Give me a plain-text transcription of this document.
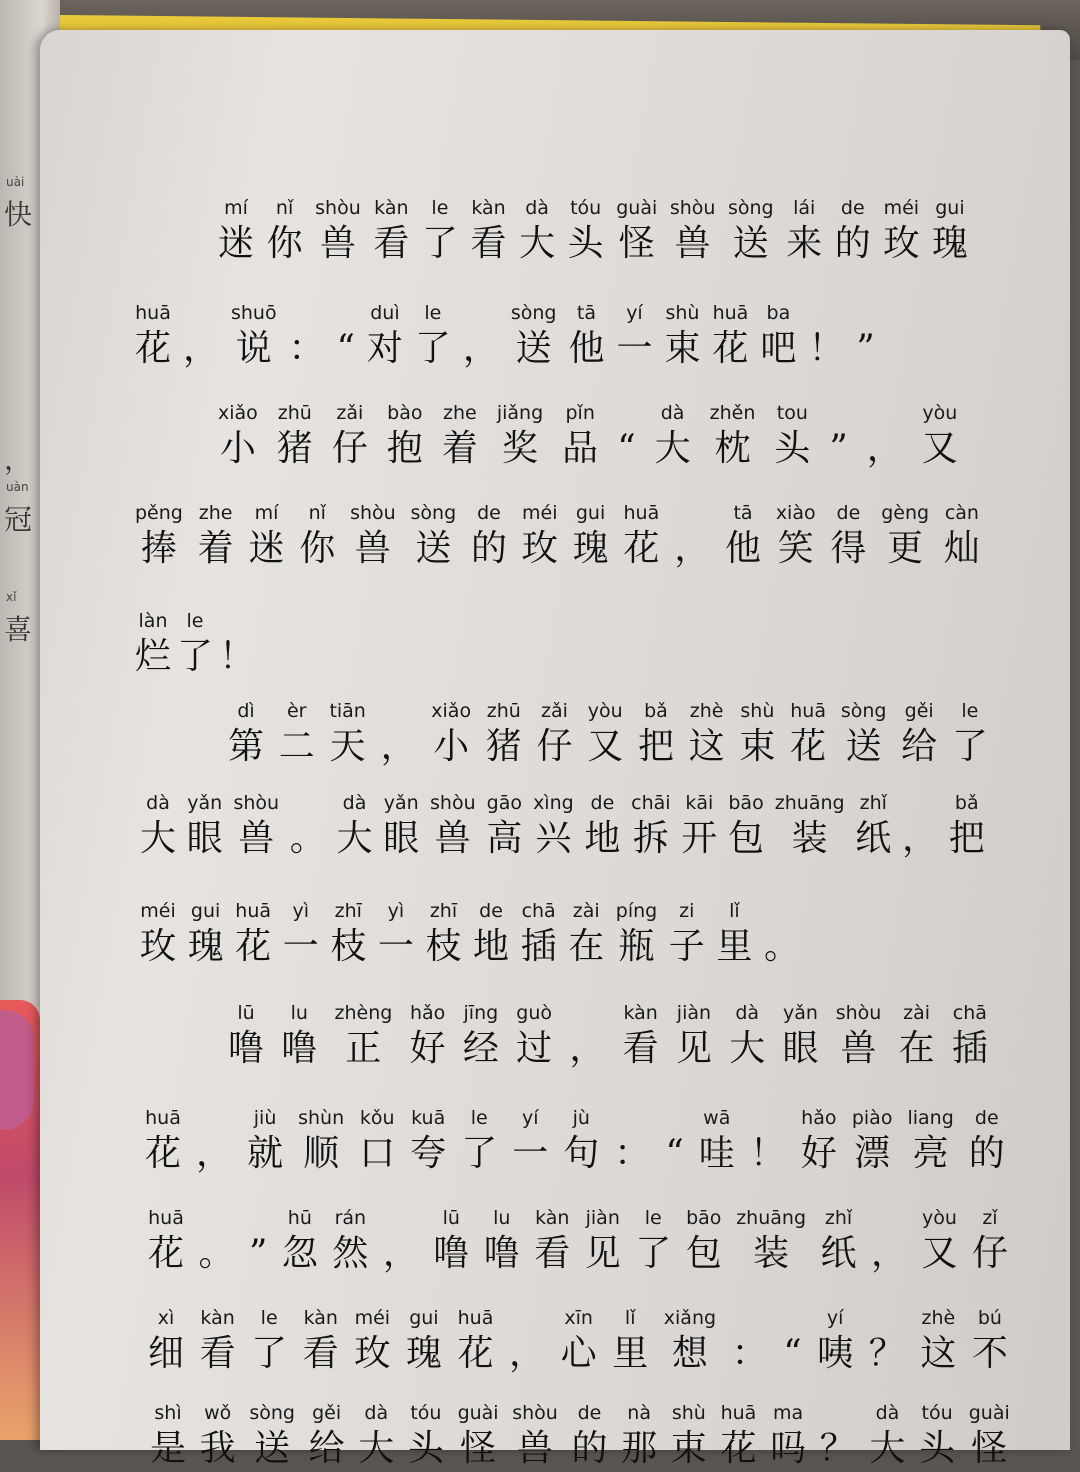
uài
快
，
uàn
冠
xǐ
喜
mí
迷
nǐ
你
shòu
兽
kàn
看
le
了
kàn
看
dà
大
tóu
头
guài
怪
shòu
兽
sòng
送
lái
来
de
的
méi
玫
gui
瑰
huā
花 ，
shuō
说 ： “
duì
对
le
了 ，
sòng
送
tā
他
yí
一
shù
束
huā
花
ba
吧 ！ ”
xiǎo
小
zhū
猪
zǎi
仔
bào
抱
zhe
着
jiǎng
奖
pǐn
品 “
dà
大
zhěn
枕
tou
头 ” ，
yòu
又
pěng
捧
zhe
着
mí
迷
nǐ
你
shòu
兽
sòng
送
de
的
méi
玫
gui
瑰
huā
花 ，
tā
他
xiào
笑
de
得
gèng
更
càn
灿
làn
烂
le
了 ！
dì
第
èr
二
tiān
天 ，
xiǎo
小
zhū
猪
zǎi
仔
yòu
又
bǎ
把
zhè
这
shù
束
huā
花
sòng
送
gěi
给
le
了
dà
大
yǎn
眼
shòu
兽 。
dà
大
yǎn
眼
shòu
兽
gāo
高
xìng
兴
de
地
chāi
拆
kāi
开
bāo
包
zhuāng
装
zhǐ
纸 ，
bǎ
把
méi
玫
gui
瑰
huā
花
yì
一
zhī
枝
yì
一
zhī
枝
de
地
chā
插
zài
在
píng
瓶
zi
子
lǐ
里 。
lū
噜
lu
噜
zhèng
正
hǎo
好
jīng
经
guò
过 ，
kàn
看
jiàn
见
dà
大
yǎn
眼
shòu
兽
zài
在
chā
插
huā
花 ，
jiù
就
shùn
顺
kǒu
口
kuā
夸
le
了
yí
一
jù
句 ： “
wā
哇 ！
hǎo
好
piào
漂
liang
亮
de
的
huā
花 。 ”
hū
忽
rán
然 ，
lū
噜
lu
噜
kàn
看
jiàn
见
le
了
bāo
包
zhuāng
装
zhǐ
纸 ，
yòu
又
zǐ
仔
xì
细
kàn
看
le
了
kàn
看
méi
玫
gui
瑰
huā
花 ，
xīn
心
lǐ
里
xiǎng
想 ： “
yí
咦 ？
zhè
这
bú
不
shì
是
wǒ
我
sòng
送
gěi
给
dà
大
tóu
头
guài
怪
shòu
兽
de
的
nà
那
shù
束
huā
花
ma
吗 ？
dà
大
tóu
头
guài
怪
